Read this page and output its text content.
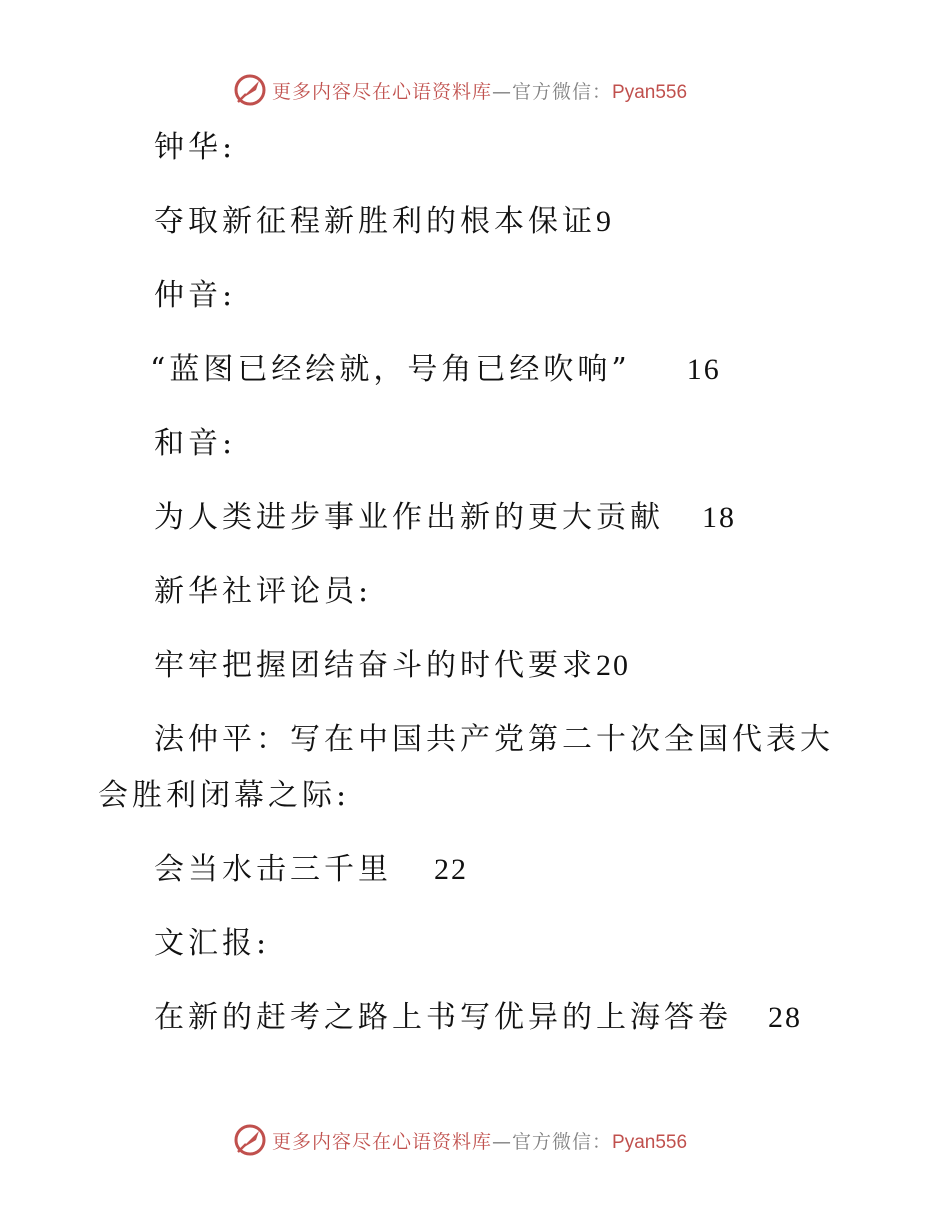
更多内容尽在心语资料库—官方微信：Pyan556
钟华:
夺取新征程新胜利的根本保证9
仲音:
“蓝图已经绘就，号角已经吹响” 16
和音:
为人类进步事业作出新的更大贡献 18
新华社评论员:
牢牢把握团结奋斗的时代要求20
法仲平：写在中国共产党第二十次全国代表大会胜利闭幕之际:
会当水击三千里 22
文汇报:
在新的赶考之路上书写优异的上海答卷 28
更多内容尽在心语资料库—官方微信：Pyan556
